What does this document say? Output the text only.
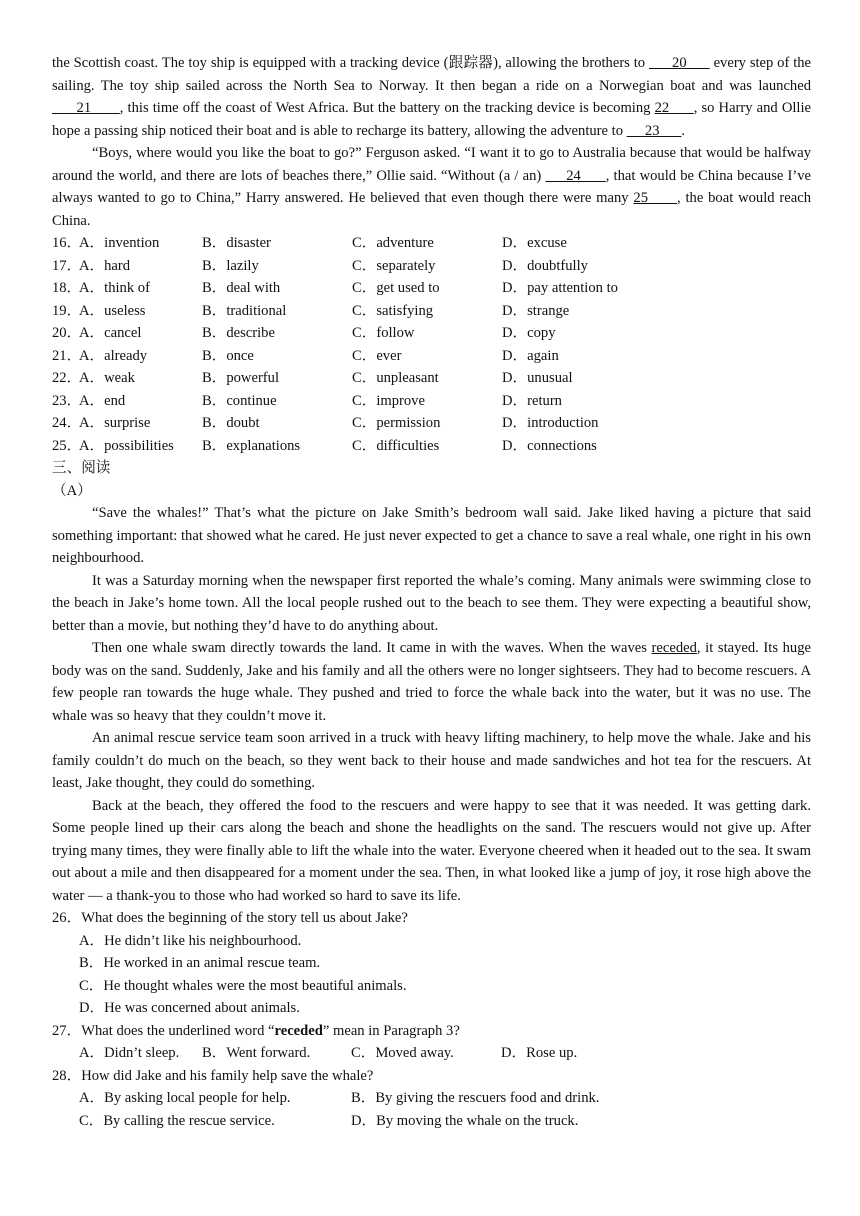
the Scottish coast. The toy ship is equipped with a tracking device (跟踪器), allowing the brothers to       20       every step of the sailing. The toy ship sailed across the North Sea to Norway. It then began a ride on a Norwegian boat and was launched       21       , this time off the coast of West Africa. But the battery on the tracking device is becoming 22      , so Harry and Ollie hope a passing ship noticed their boat and is able to recharge its battery, allowing the adventure to      23      .

“Boys, where would you like the boat to go?” Ferguson asked. “I want it to go to Australia because that would be halfway around the world, and there are lots of beaches there,” Ollie said. “Without (a / an)      24      , that would be China because I’ve always wanted to go to China,” Harry answered. He believed that even though there were many 25      , the boat would reach China.

16．
A．invention	B．disaster	C．adventure	D．excuse
17．
A．hard	B．lazily	C．separately	D．doubtfully
18．
A．think of	B．deal with	C．get used to	D．pay attention to
19．
A．useless	B．traditional	C．satisfying	D．strange
20．
A．cancel	B．describe	C．follow	D．copy
21．
A．already	B．once	C．ever	D．again
22．
A．weak	B．powerful	C．unpleasant	D．unusual
23．
A．end	B．continue	C．improve	D．return
24．
A．surprise	B．doubt	C．permission	D．introduction
25．
A．possibilities	B．explanations	C．difficulties	D．connections

三、阅读

（A）

“Save the whales!” That’s what the picture on Jake Smith’s bedroom wall said. Jake liked having a picture that said something important: that showed what he cared. He just never expected to get a chance to save a real whale, one right in his own neighbourhood.

It was a Saturday morning when the newspaper first reported the whale’s coming. Many animals were swimming close to the beach in Jake’s home town. All the local people rushed out to the beach to see them. They were expecting a beautiful show, better than a movie, but nothing they’d have to do anything about.

Then one whale swam directly towards the land. It came in with the waves. When the waves receded, it stayed. Its huge body was on the sand. Suddenly, Jake and his family and all the others were no longer sightseers. They had to become rescuers. A few people ran towards the huge whale. They pushed and tried to force the whale back into the water, but it was no use. The whale was so heavy that they couldn’t move it.

An animal rescue service team soon arrived in a truck with heavy lifting machinery, to help move the whale. Jake and his family couldn’t do much on the beach, so they went back to their house and made sandwiches and hot tea for the rescuers. At least, Jake thought, they could do something.

Back at the beach, they offered the food to the rescuers and were happy to see that it was needed. It was getting dark. Some people lined up their cars along the beach and shone the headlights on the sand. The rescuers would not give up. After trying many times, they were finally able to lift the whale into the water. Everyone cheered when it headed out to the sea. It swam out about a mile and then disappeared for a moment under the sea. Then, in what looked like a jump of joy, it rose high above the water — a thank-you to those who had worked so hard to save its life.

26．What does the beginning of the story tell us about Jake?

A．He didn’t like his neighbourhood.

B．He worked in an animal rescue team.

C．He thought whales were the most beautiful animals.

D．He was concerned about animals.

27．What does the underlined word “receded” mean in Paragraph 3?

A．Didn’t sleep.	B．Went forward.	C．Moved away.	D．Rose up.

28．How did Jake and his family help save the whale?

A．By asking local people for help.	B．By giving the rescuers food and drink.
C．By calling the rescue service.	D．By moving the whale on the truck.
